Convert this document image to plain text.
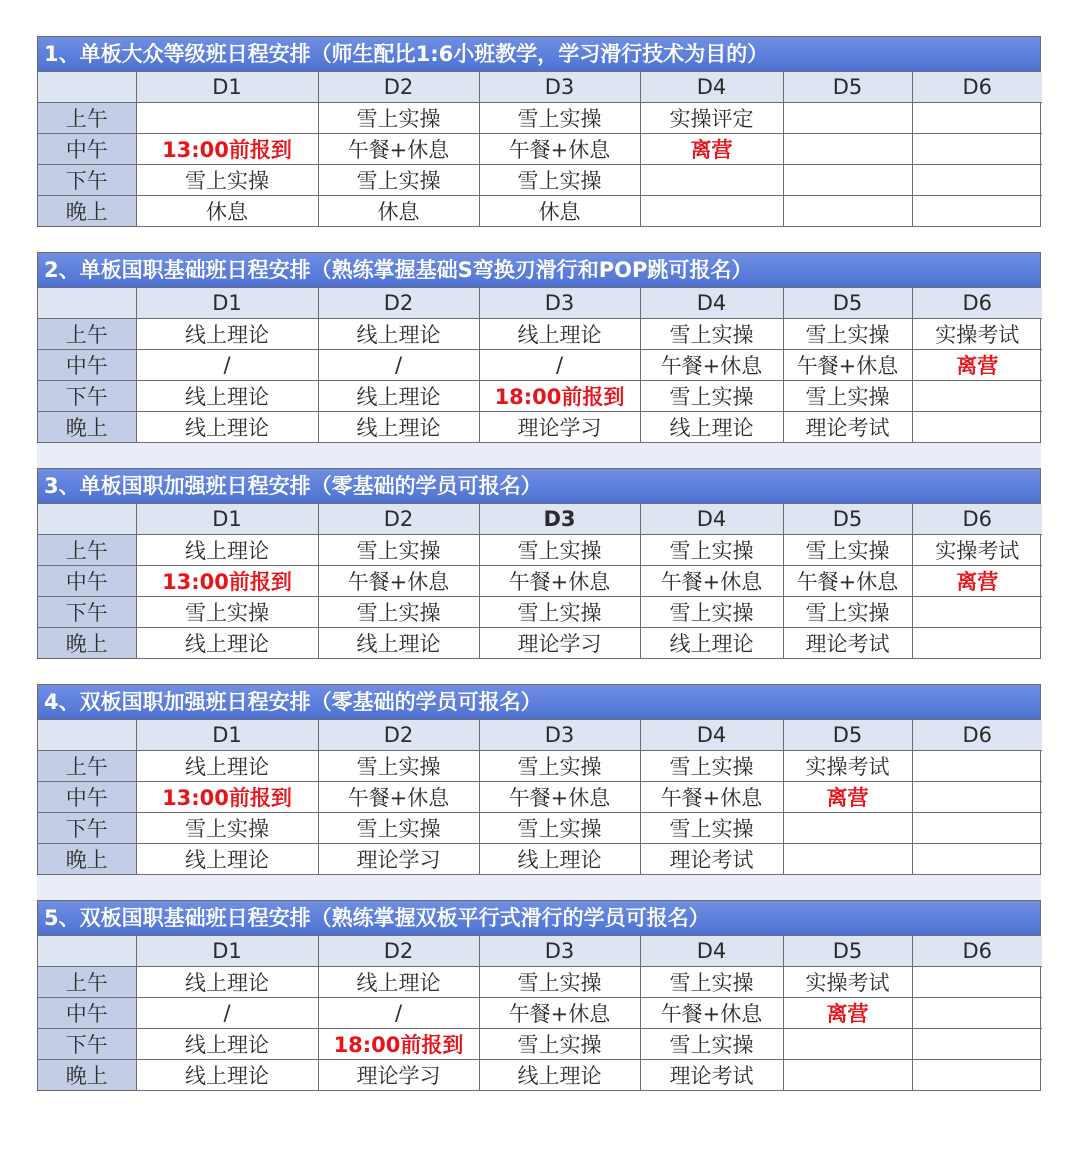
1、单板大众等级班日程安排（师生配比1:6小班教学，学习滑行技术为目的）
	D1	D2	D3	D4	D5	D6
上午		雪上实操	雪上实操	实操评定		
中午	13:00前报到	午餐+休息	午餐+休息	离营		
下午	雪上实操	雪上实操	雪上实操			
晚上	休息	休息	休息			
2、单板国职基础班日程安排（熟练掌握基础S弯换刃滑行和POP跳可报名）
	D1	D2	D3	D4	D5	D6
上午	线上理论	线上理论	线上理论	雪上实操	雪上实操	实操考试
中午	/	/	/	午餐+休息	午餐+休息	离营
下午	线上理论	线上理论	18:00前报到	雪上实操	雪上实操	
晚上	线上理论	线上理论	理论学习	线上理论	理论考试	
3、单板国职加强班日程安排（零基础的学员可报名）
	D1	D2	D3	D4	D5	D6
上午	线上理论	雪上实操	雪上实操	雪上实操	雪上实操	实操考试
中午	13:00前报到	午餐+休息	午餐+休息	午餐+休息	午餐+休息	离营
下午	雪上实操	雪上实操	雪上实操	雪上实操	雪上实操	
晚上	线上理论	线上理论	理论学习	线上理论	理论考试	
4、双板国职加强班日程安排（零基础的学员可报名）
	D1	D2	D3	D4	D5	D6
上午	线上理论	雪上实操	雪上实操	雪上实操	实操考试	
中午	13:00前报到	午餐+休息	午餐+休息	午餐+休息	离营	
下午	雪上实操	雪上实操	雪上实操	雪上实操		
晚上	线上理论	理论学习	线上理论	理论考试		
5、双板国职基础班日程安排（熟练掌握双板平行式滑行的学员可报名）
	D1	D2	D3	D4	D5	D6
上午	线上理论	线上理论	雪上实操	雪上实操	实操考试	
中午	/	/	午餐+休息	午餐+休息	离营	
下午	线上理论	18:00前报到	雪上实操	雪上实操		
晚上	线上理论	理论学习	线上理论	理论考试		
